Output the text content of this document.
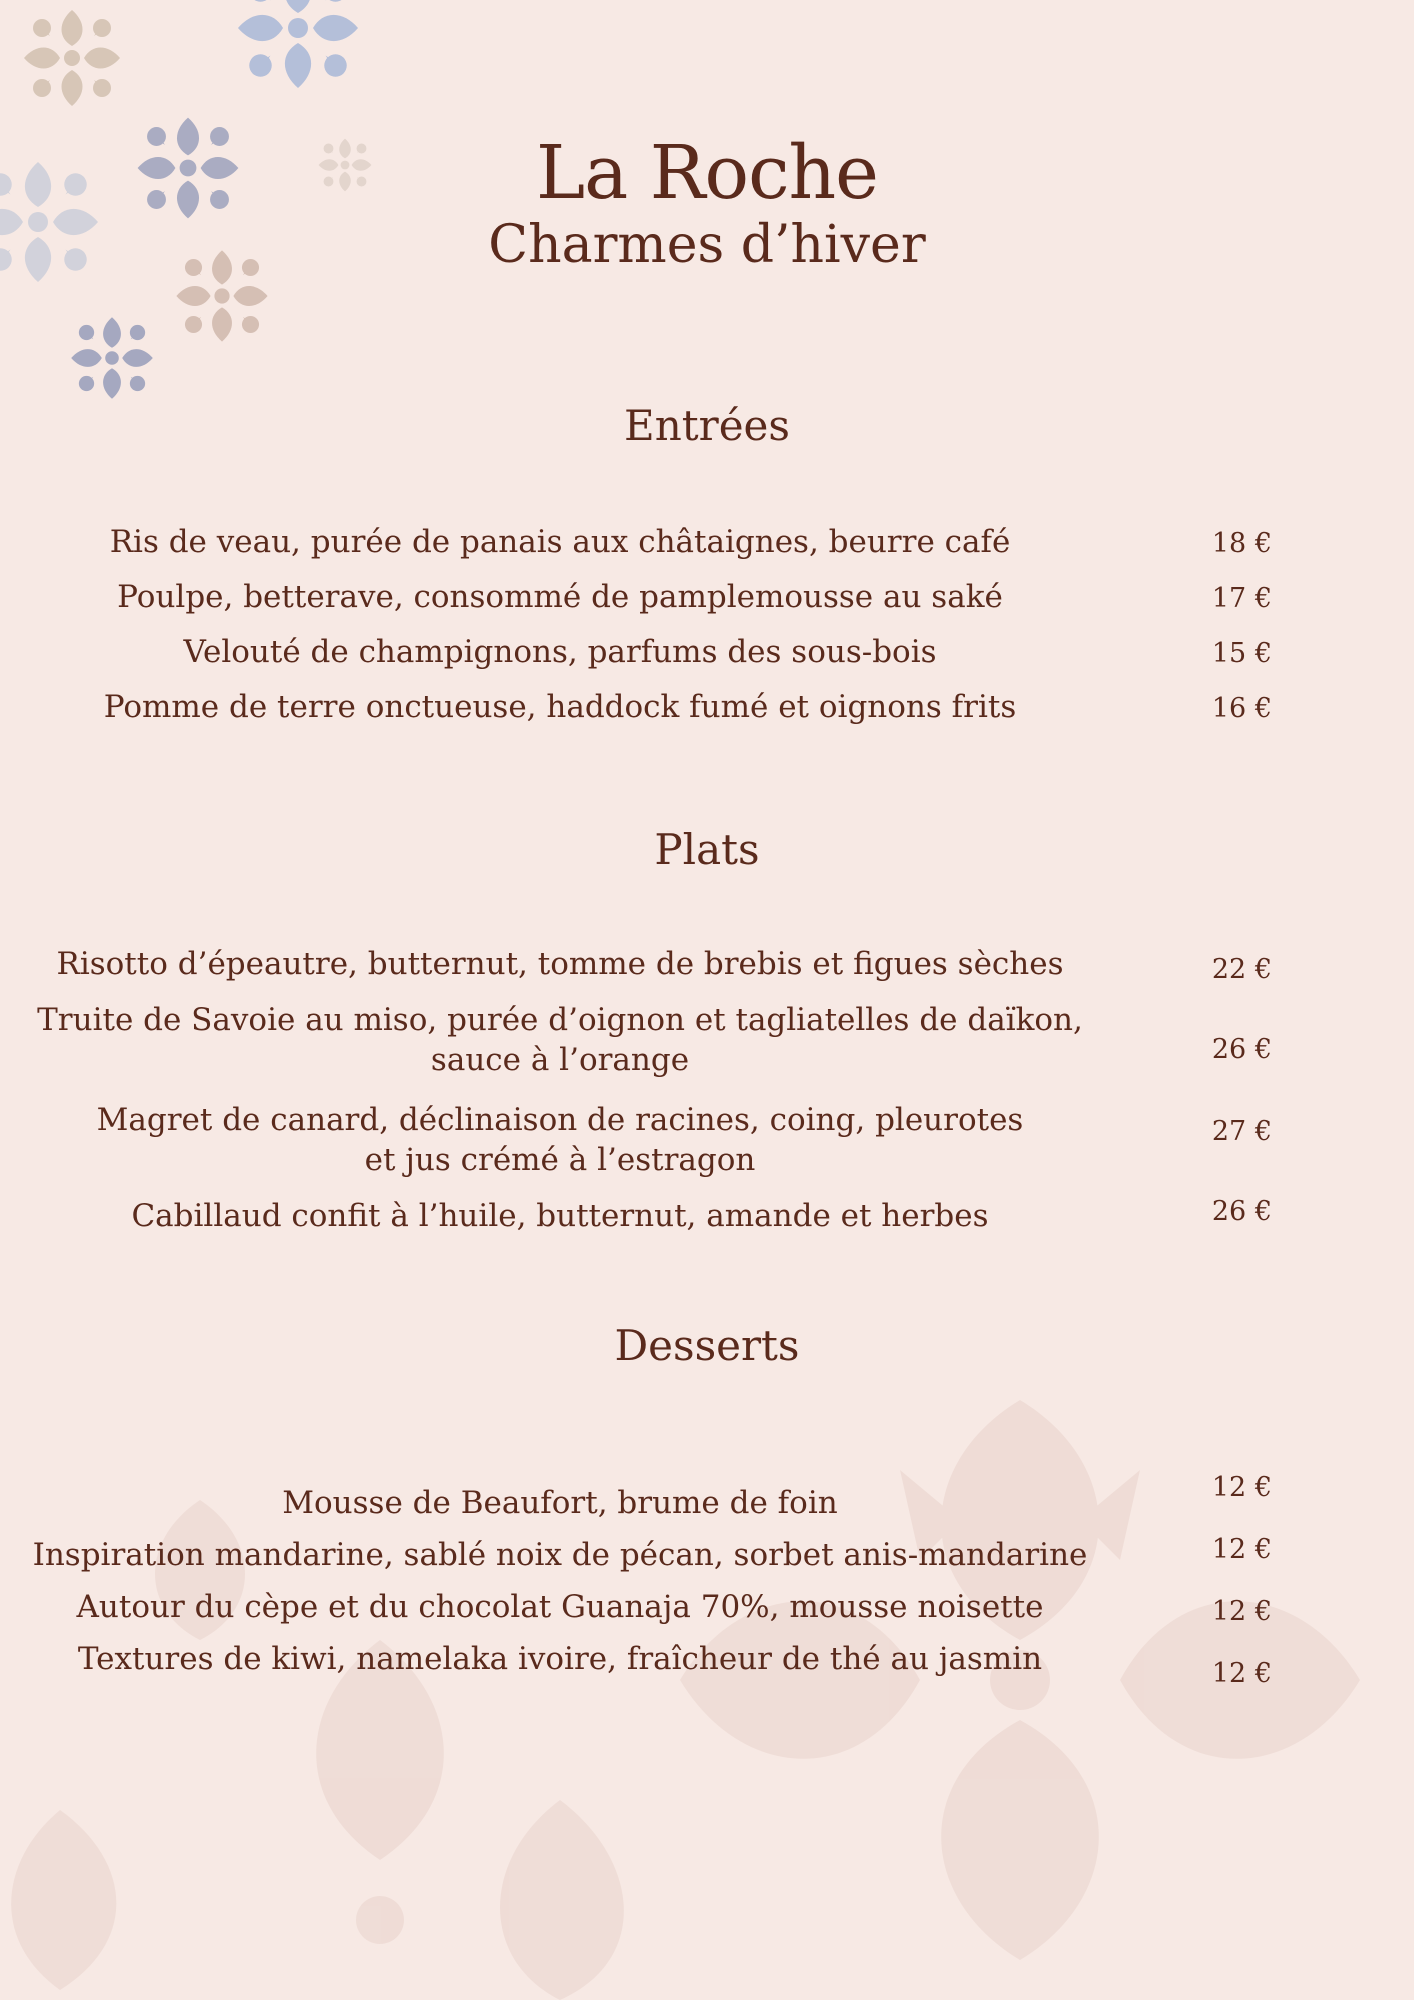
La Roche
Charmes d’hiver
Entrées
Ris de veau, purée de panais aux châtaignes, beurre café	18 €
Poulpe, betterave, consommé de pamplemousse au saké	17 €
Velouté de champignons, parfums des sous-bois	15 €
Pomme de terre onctueuse, haddock fumé et oignons frits	16 €
Plats
Risotto d’épeautre, butternut, tomme de brebis et figues sèches	22 €
Truite de Savoie au miso, purée d’oignon et tagliatelles de daïkon,
sauce à l’orange	26 €
Magret de canard, déclinaison de racines, coing, pleurotes
et jus crémé à l’estragon
27 €
Cabillaud confit à l’huile, butternut, amande et herbes	26 €
Desserts
Mousse de Beaufort, brume de foin	12 €
Inspiration mandarine, sablé noix de pécan, sorbet anis-mandarine	12 €
Autour du cèpe et du chocolat Guanaja 70%, mousse noisette	12 €
Textures de kiwi, namelaka ivoire, fraîcheur de thé au jasmin	12 €
